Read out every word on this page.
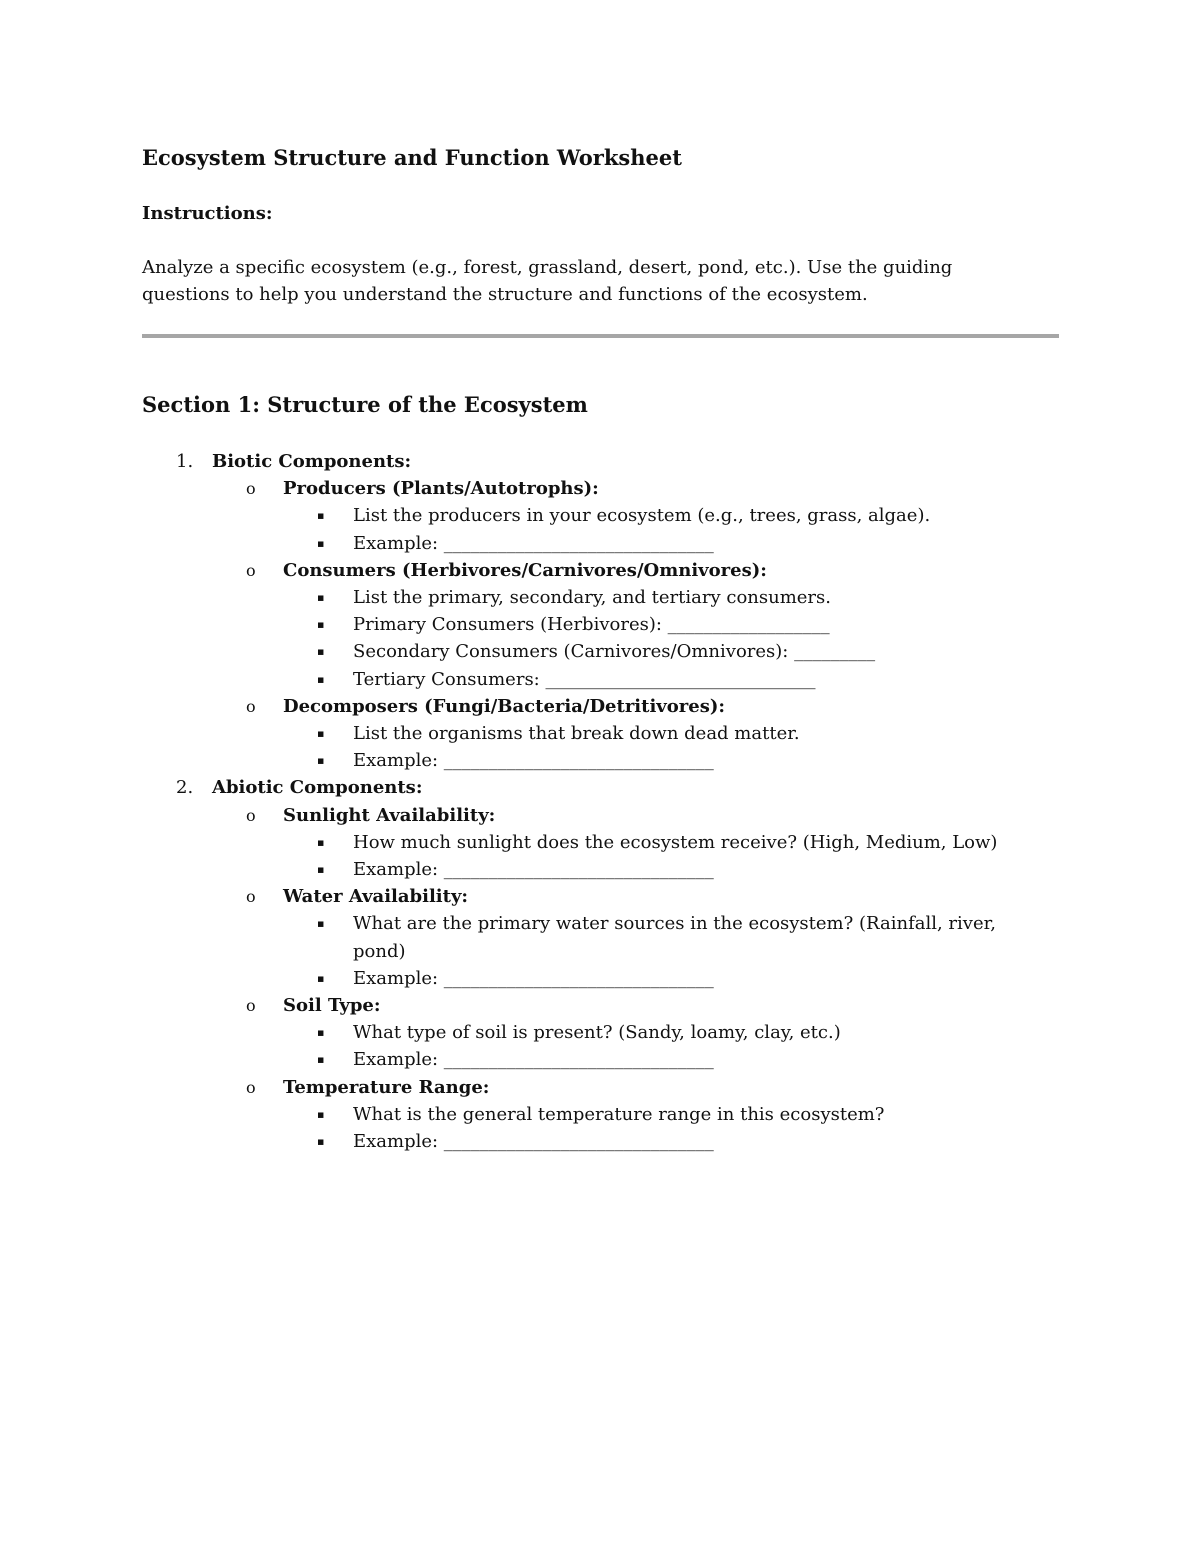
Ecosystem Structure and Function Worksheet
Instructions:

Analyze a specific ecosystem (e.g., forest, grassland, desert, pond, etc.). Use the guiding questions to help you understand the structure and functions of the ecosystem.

Section 1: Structure of the Ecosystem
1. Biotic Components:
o Producers (Plants/Autotrophs):
▪ List the producers in your ecosystem (e.g., trees, grass, algae).
▪ Example: ______________________________
o Consumers (Herbivores/Carnivores/Omnivores):
▪ List the primary, secondary, and tertiary consumers.
▪ Primary Consumers (Herbivores): __________________
▪ Secondary Consumers (Carnivores/Omnivores): _________
▪ Tertiary Consumers: ______________________________
o Decomposers (Fungi/Bacteria/Detritivores):
▪ List the organisms that break down dead matter.
▪ Example: ______________________________
2. Abiotic Components:
o Sunlight Availability:
▪ How much sunlight does the ecosystem receive? (High, Medium, Low)
▪ Example: ______________________________
o Water Availability:
▪ What are the primary water sources in the ecosystem? (Rainfall, river, pond)
▪ Example: ______________________________
o Soil Type:
▪ What type of soil is present? (Sandy, loamy, clay, etc.)
▪ Example: ______________________________
o Temperature Range:
▪ What is the general temperature range in this ecosystem?
▪ Example: ______________________________
